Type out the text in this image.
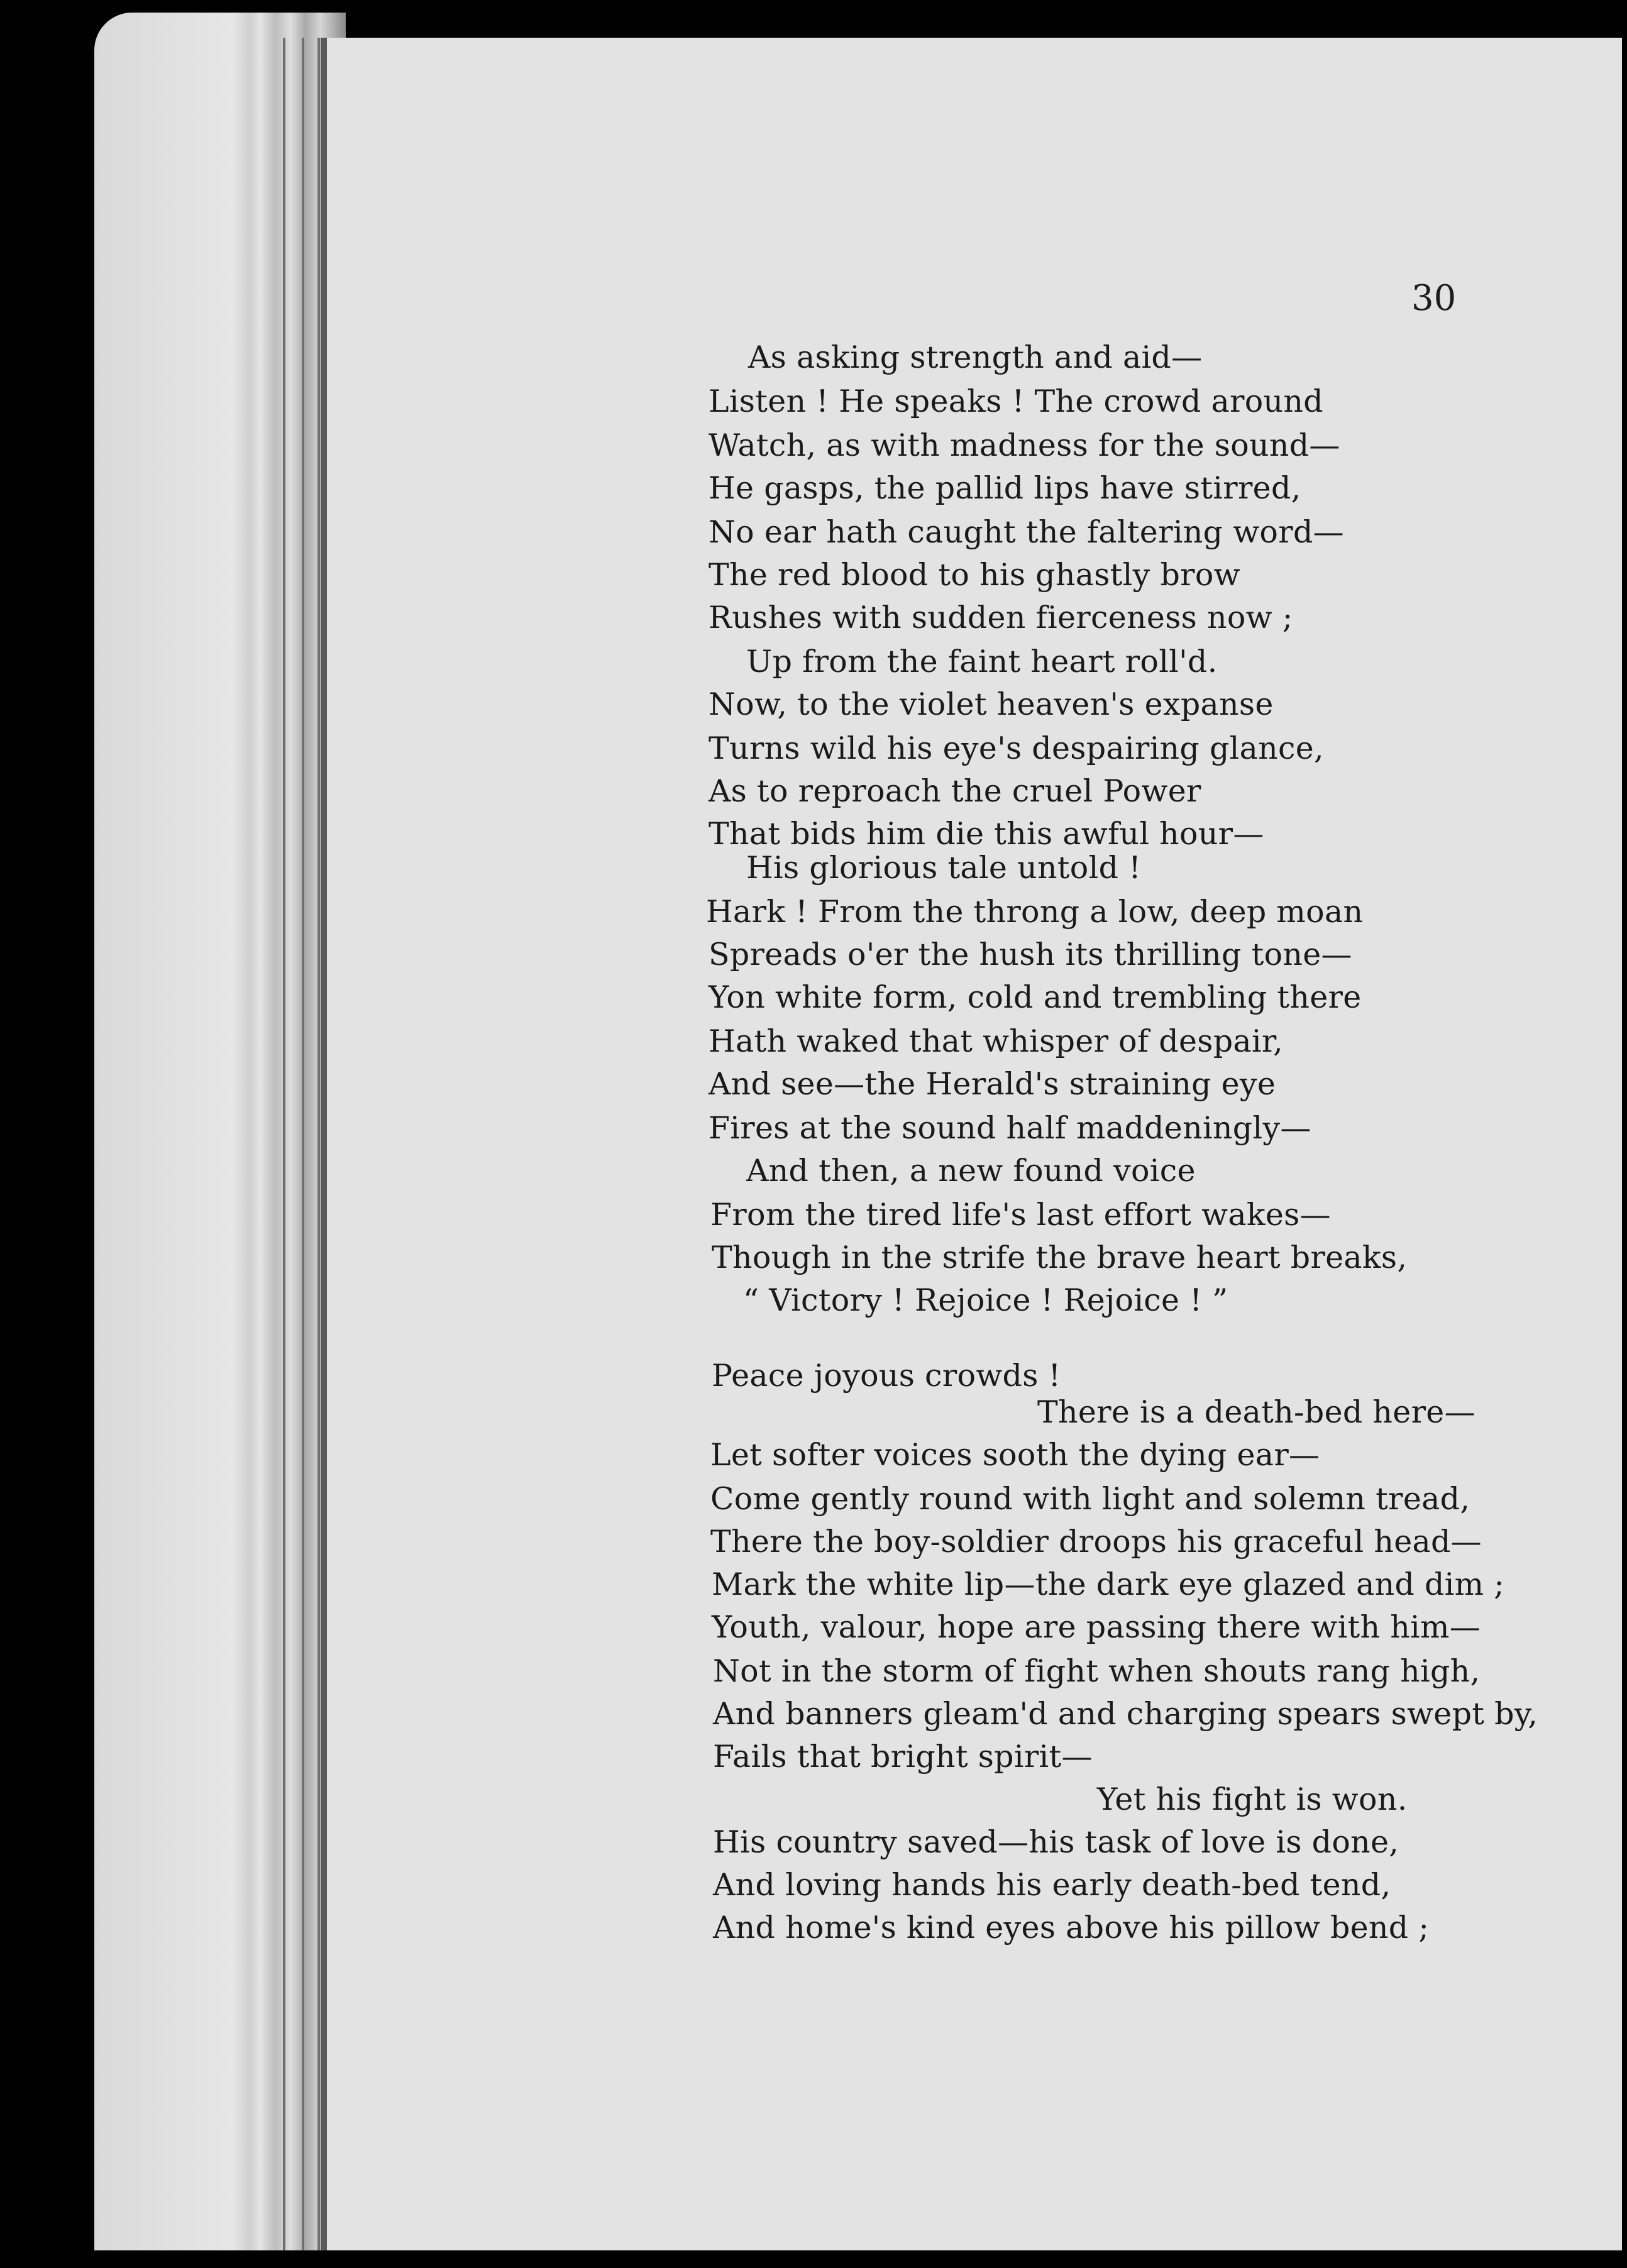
30
As asking strength and aid—
Listen ! He speaks ! The crowd around
Watch, as with madness for the sound—
He gasps, the pallid lips have stirred,
No ear hath caught the faltering word—
The red blood to his ghastly brow
Rushes with sudden fierceness now ;
Up from the faint heart roll'd.
Now, to the violet heaven's expanse
Turns wild his eye's despairing glance,
As to reproach the cruel Power
That bids him die this awful hour—
His glorious tale untold !
Hark ! From the throng a low, deep moan
Spreads o'er the hush its thrilling tone—
Yon white form, cold and trembling there
Hath waked that whisper of despair,
And see—the Herald's straining eye
Fires at the sound half maddeningly—
And then, a new found voice
From the tired life's last effort wakes—
Though in the strife the brave heart breaks,
“ Victory ! Rejoice ! Rejoice ! ”
Peace joyous crowds !
There is a death-bed here—
Let softer voices sooth the dying ear—
Come gently round with light and solemn tread,
There the boy-soldier droops his graceful head—
Mark the white lip—the dark eye glazed and dim ;
Youth, valour, hope are passing there with him—
Not in the storm of fight when shouts rang high,
And banners gleam'd and charging spears swept by,
Fails that bright spirit—
Yet his fight is won.
His country saved—his task of love is done,
And loving hands his early death-bed tend,
And home's kind eyes above his pillow bend ;
